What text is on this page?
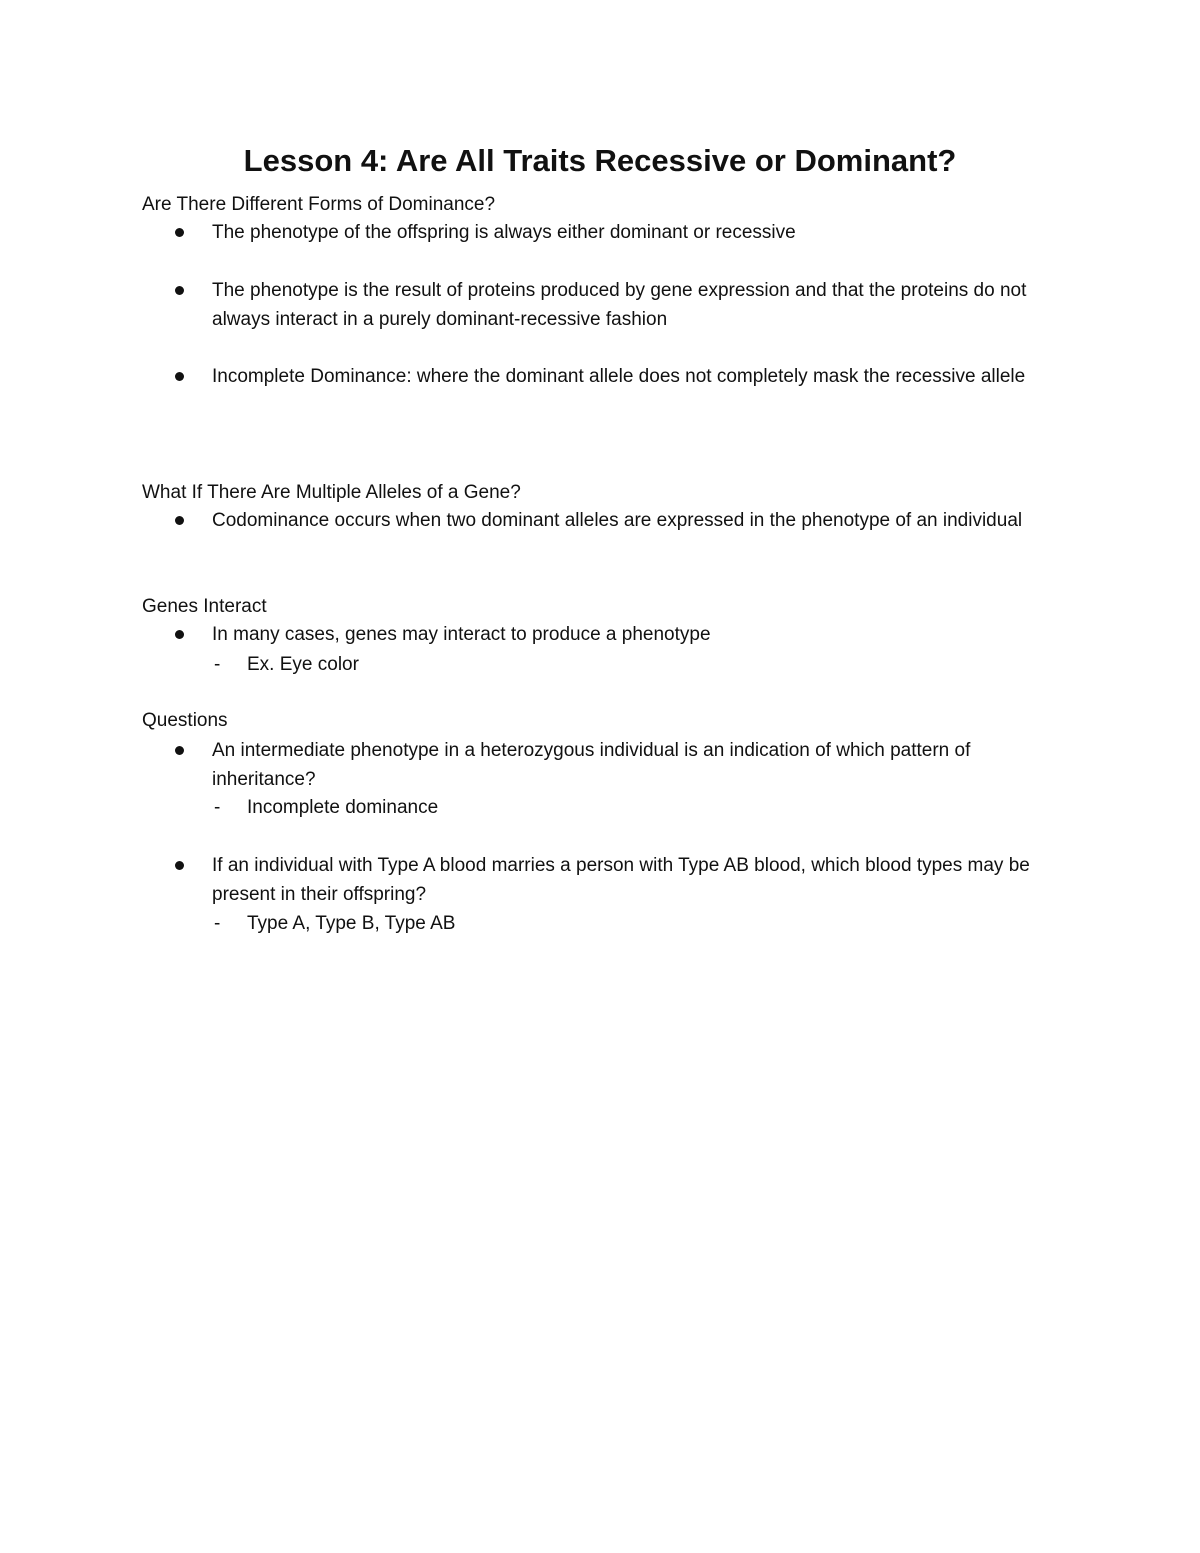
Lesson 4: Are All Traits Recessive or Dominant?
Are There Different Forms of Dominance?
The phenotype of the offspring is always either dominant or recessive
The phenotype is the result of proteins produced by gene expression and that the proteins do not always interact in a purely dominant-recessive fashion
Incomplete Dominance: where the dominant allele does not completely mask the recessive allele
What If There Are Multiple Alleles of a Gene?
Codominance occurs when two dominant alleles are expressed in the phenotype of an individual
Genes Interact
In many cases, genes may interact to produce a phenotype
- Ex. Eye color
Questions
An intermediate phenotype in a heterozygous individual is an indication of which pattern of inheritance?
- Incomplete dominance
If an individual with Type A blood marries a person with Type AB blood, which blood types may be present in their offspring?
- Type A, Type B, Type AB
